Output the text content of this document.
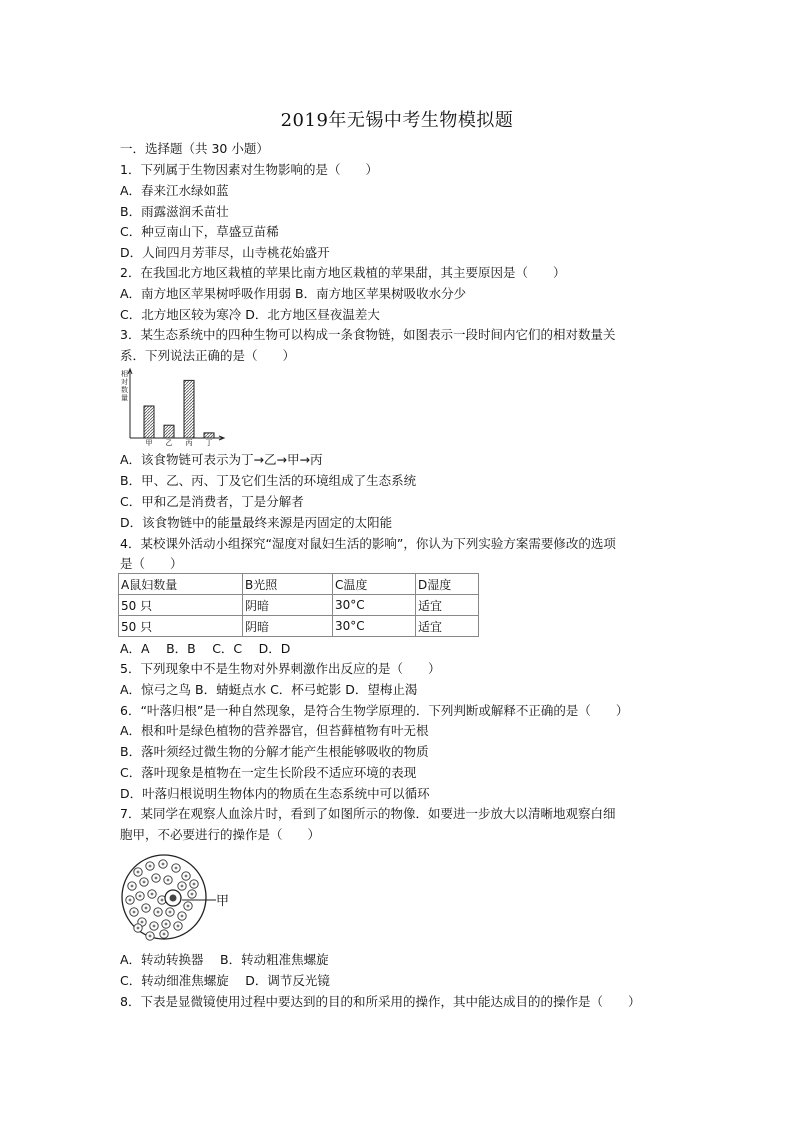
2019年无锡中考生物模拟题
一．选择题（共 30 小题）
1．下列属于生物因素对生物影响的是（　　）
A．春来江水绿如蓝
B．雨露滋润禾苗壮
C．种豆南山下，草盛豆苗稀
D．人间四月芳菲尽，山寺桃花始盛开
2．在我国北方地区栽植的苹果比南方地区栽植的苹果甜，其主要原因是（　　）
A．南方地区苹果树呼吸作用弱 B．南方地区苹果树吸收水分少
C．北方地区较为寒冷 D．北方地区昼夜温差大
3．某生态系统中的四种生物可以构成一条食物链，如图表示一段时间内它们的相对数量关
系．下列说法正确的是（　　）
相对数量
甲 乙 丙 丁
A．该食物链可表示为丁→乙→甲→丙
B．甲、乙、丙、丁及它们生活的环境组成了生态系统
C．甲和乙是消费者，丁是分解者
D．该食物链中的能量最终来源是丙固定的太阳能
4．某校课外活动小组探究“湿度对鼠妇生活的影响”，你认为下列实验方案需要修改的选项
是（　　）
A鼠妇数量	B光照	C温度	D湿度
50 只	阴暗	30°C	适宜
50 只	阴暗	30°C	适宜
A．A　 B．B　 C．C　 D．D
5．下列现象中不是生物对外界刺激作出反应的是（　　）
A．惊弓之鸟 B．蜻蜓点水 C．杯弓蛇影 D．望梅止渴
6．“叶落归根”是一种自然现象，是符合生物学原理的．下列判断或解释不正确的是（　　）
A．根和叶是绿色植物的营养器官，但苔藓植物有叶无根
B．落叶须经过微生物的分解才能产生根能够吸收的物质
C．落叶现象是植物在一定生长阶段不适应环境的表现
D．叶落归根说明生物体内的物质在生态系统中可以循环
7．某同学在观察人血涂片时，看到了如图所示的物像．如要进一步放大以清晰地观察白细
胞甲，不必要进行的操作是（　　）
甲
A．转动转换器　 B．转动粗准焦螺旋
C．转动细准焦螺旋　 D．调节反光镜
8．下表是显微镜使用过程中要达到的目的和所采用的操作，其中能达成目的的操作是（　　）
